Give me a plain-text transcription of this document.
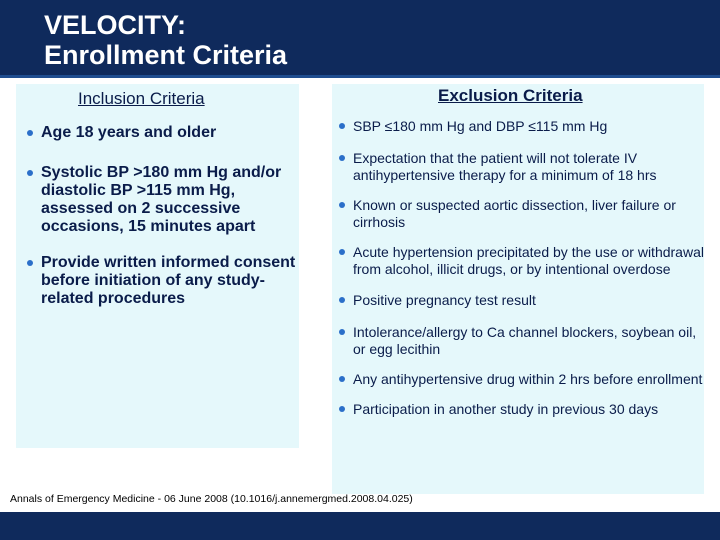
VELOCITY:
Enrollment Criteria
Inclusion Criteria	Exclusion Criteria
Age 18 years and older
Systolic BP >180 mm Hg and/or diastolic BP >115 mm Hg, assessed on 2 successive occasions, 15 minutes apart
Provide written informed consent before initiation of any study-related procedures
SBP ≤180 mm Hg and DBP ≤115 mm Hg
Expectation that the patient will not tolerate IV antihypertensive therapy for a minimum of 18 hrs
Known or suspected aortic dissection, liver failure or cirrhosis
Acute hypertension precipitated by the use or withdrawal from alcohol, illicit drugs, or by intentional overdose
Positive pregnancy test result
Intolerance/allergy to Ca channel blockers, soybean oil, or egg lecithin
Any antihypertensive drug within 2 hrs before enrollment
Participation in another study in previous 30 days
Annals of Emergency Medicine - 06 June 2008 (10.1016/j.annemergmed.2008.04.025)
